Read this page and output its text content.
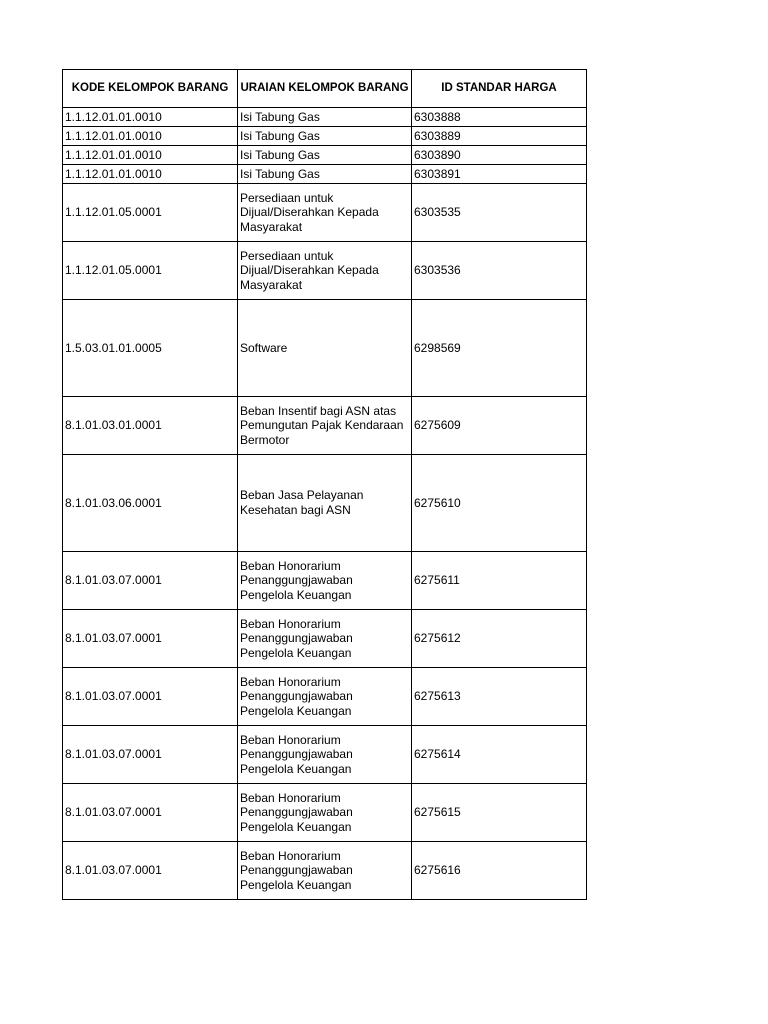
KODE KELOMPOK BARANG	URAIAN KELOMPOK BARANG	ID STANDAR HARGA
1.1.12.01.01.0010	Isi Tabung Gas	6303888
1.1.12.01.01.0010	Isi Tabung Gas	6303889
1.1.12.01.01.0010	Isi Tabung Gas	6303890
1.1.12.01.01.0010	Isi Tabung Gas	6303891
1.1.12.01.05.0001	Persediaan untuk Dijual/Diserahkan Kepada Masyarakat	6303535
1.1.12.01.05.0001	Persediaan untuk Dijual/Diserahkan Kepada Masyarakat	6303536
1.5.03.01.01.0005	Software	6298569
8.1.01.03.01.0001	Beban Insentif bagi ASN atas Pemungutan Pajak Kendaraan Bermotor	6275609
8.1.01.03.06.0001	Beban Jasa Pelayanan Kesehatan bagi ASN	6275610
8.1.01.03.07.0001	Beban Honorarium Penanggungjawaban Pengelola Keuangan	6275611
8.1.01.03.07.0001	Beban Honorarium Penanggungjawaban Pengelola Keuangan	6275612
8.1.01.03.07.0001	Beban Honorarium Penanggungjawaban Pengelola Keuangan	6275613
8.1.01.03.07.0001	Beban Honorarium Penanggungjawaban Pengelola Keuangan	6275614
8.1.01.03.07.0001	Beban Honorarium Penanggungjawaban Pengelola Keuangan	6275615
8.1.01.03.07.0001	Beban Honorarium Penanggungjawaban Pengelola Keuangan	6275616
